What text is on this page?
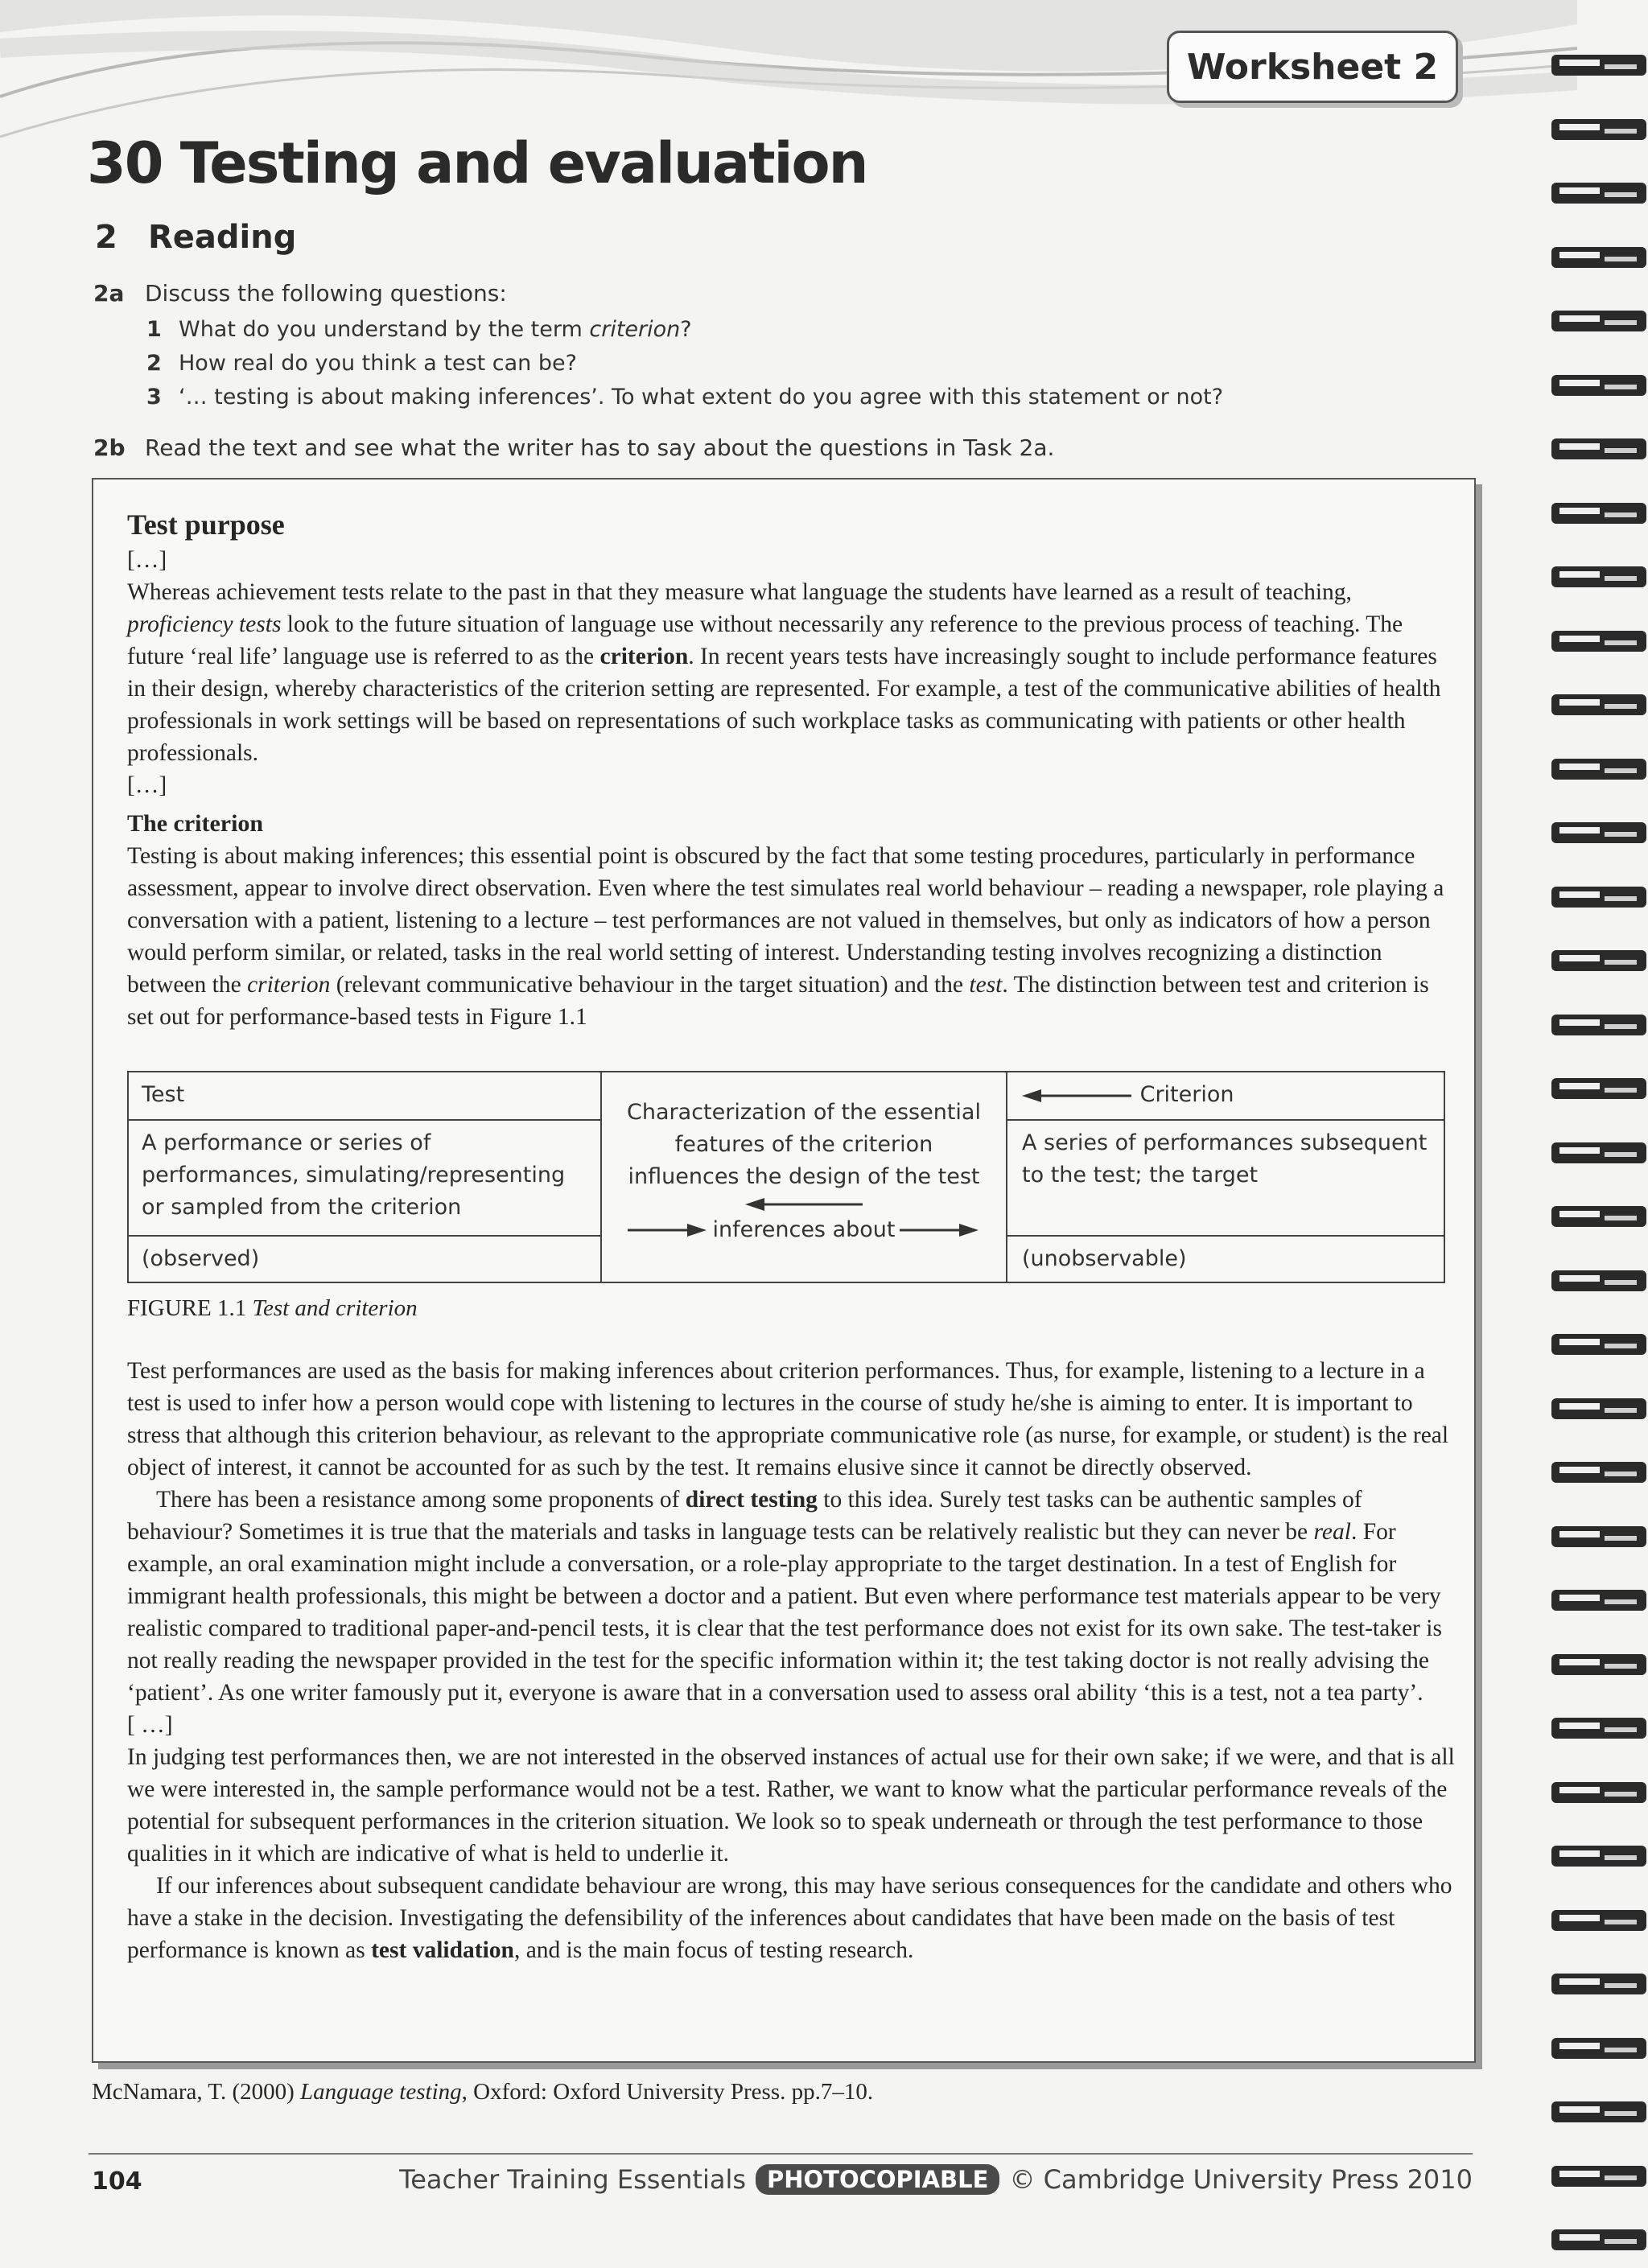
Worksheet 2
30 Testing and evaluation
2 Reading
2a Discuss the following questions:
1 What do you understand by the term criterion?
2 How real do you think a test can be?
3 ‘… testing is about making inferences’. To what extent do you agree with this statement or not?
2b Read the text and see what the writer has to say about the questions in Task 2a.
Test purpose
[…]

Whereas achievement tests relate to the past in that they measure what language the students have learned as a result of teaching, proficiency tests look to the future situation of language use without necessarily any reference to the previous process of teaching. The future ‘real life’ language use is referred to as the criterion. In recent years tests have increasingly sought to include performance features in their design, whereby characteristics of the criterion setting are represented. For example, a test of the communicative abilities of health professionals in work settings will be based on representations of such workplace tasks as communicating with patients or other health professionals.

[…]
The criterion

Testing is about making inferences; this essential point is obscured by the fact that some testing procedures, particularly in performance assessment, appear to involve direct observation. Even where the test simulates real world behaviour – reading a newspaper, role playing a conversation with a patient, listening to a lecture – test performances are not valued in themselves, but only as indicators of how a person would perform similar, or related, tasks in the real world setting of interest. Understanding testing involves recognizing a distinction between the criterion (relevant communicative behaviour in the target situation) and the test. The distinction between test and criterion is set out for performance-based tests in Figure 1.1

Test
A performance or series of performances, simulating/representing or sampled from the criterion
(observed)
Characterization of the essential features of the criterion influences the design of the test
inferences about
Criterion
A series of performances subsequent to the test; the target
(unobservable)
FIGURE 1.1 Test and criterion

Test performances are used as the basis for making inferences about criterion performances. Thus, for example, listening to a lecture in a test is used to infer how a person would cope with listening to lectures in the course of study he/she is aiming to enter. It is important to stress that although this criterion behaviour, as relevant to the appropriate communicative role (as nurse, for example, or student) is the real object of interest, it cannot be accounted for as such by the test. It remains elusive since it cannot be directly observed.

There has been a resistance among some proponents of direct testing to this idea. Surely test tasks can be authentic samples of behaviour? Sometimes it is true that the materials and tasks in language tests can be relatively realistic but they can never be real. For example, an oral examination might include a conversation, or a role-play appropriate to the target destination. In a test of English for immigrant health professionals, this might be between a doctor and a patient. But even where performance test materials appear to be very realistic compared to traditional paper-and-pencil tests, it is clear that the test performance does not exist for its own sake. The test-taker is not really reading the newspaper provided in the test for the specific information within it; the test taking doctor is not really advising the ‘patient’. As one writer famously put it, everyone is aware that in a conversation used to assess oral ability ‘this is a test, not a tea party’.

[ …]

In judging test performances then, we are not interested in the observed instances of actual use for their own sake; if we were, and that is all we were interested in, the sample performance would not be a test. Rather, we want to know what the particular performance reveals of the potential for subsequent performances in the criterion situation. We look so to speak underneath or through the test performance to those qualities in it which are indicative of what is held to underlie it.

If our inferences about subsequent candidate behaviour are wrong, this may have serious consequences for the candidate and others who have a stake in the decision. Investigating the defensibility of the inferences about candidates that have been made on the basis of test performance is known as test validation, and is the main focus of testing research.

McNamara, T. (2000) Language testing, Oxford: Oxford University Press. pp.7–10.
104	Teacher Training Essentials PHOTOCOPIABLE © Cambridge University Press 2010
